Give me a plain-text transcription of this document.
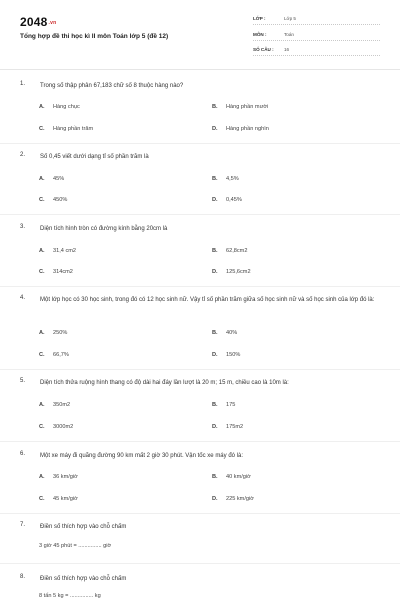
2048.vn
Tổng hợp đề thi học kì II môn Toán lớp 5 (đề 12)
LỚP :	Lớp 5
MÔN :	Toán
SỐ CÂU : 16
1.	Trong số thập phân 67,183 chữ số 8 thuộc hàng nào?
A. Hàng chục	B. Hàng phần mười
C. Hàng phần trăm	D. Hàng phần nghìn
2.	Số 0,45 viết dưới dạng tỉ số phần trăm là
A. 45%	B. 4,5%
C. 450%	D. 0,45%
3.	Diện tích hình tròn có đường kính bằng 20cm là
A. 31,4 cm2	B. 62,8cm2
C. 314cm2	D. 125,6cm2
4.	Một lớp học có 30 học sinh, trong đó có 12 học sinh nữ. Vậy tỉ số phần trăm giữa số học sinh nữ và số học sinh của lớp đó là:
A. 250%	B. 40%
C. 66,7%	D. 150%
5.	Diện tích thửa ruộng hình thang có độ dài hai đáy lần lượt là 20 m; 15 m, chiều cao là 10m là:
A. 350m2	B. 175
C. 3000m2	D. 175m2
6.	Một xe máy đi quãng đường 90 km mất 2 giờ 30 phút. Vận tốc xe máy đó là:
A. 36 km/giờ	B. 40 km/giờ
C. 45 km/giờ	D. 225 km/giờ
7.	Điền số thích hợp vào chỗ chấm
3 giờ 45 phút = ............... giờ
8.	Điền số thích hợp vào chỗ chấm
8 tấn 5 kg = ............... kg
